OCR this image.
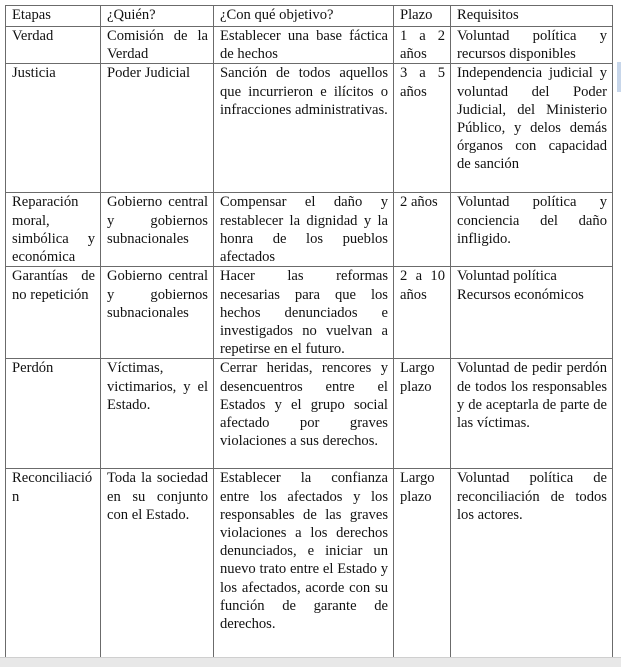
Etapas	¿Quién?	¿Con qué objetivo?	Plazo	Requisitos
Verdad	Comisión de la Verdad	Establecer una base fáctica de hechos	1 a 2 años	Voluntad política y recursos disponibles
Justicia	Poder Judicial	Sanción de todos aquellos que incurrieron e ilícitos o infracciones administrativas.	3 a 5 años	Independencia judicial y voluntad del Poder Judicial, del Ministerio Público, y delos demás órganos con capacidad de sanción
Reparación moral, simbólica y económica	Gobierno central y gobiernos subnacionales	Compensar el daño y restablecer la dignidad y la honra de los pueblos afectados	2 años	Voluntad política y conciencia del daño infligido.
Garantías de no repetición	Gobierno central y gobiernos subnacionales	Hacer las reformas necesarias para que los hechos denunciados e investigados no vuelvan a repetirse en el futuro.	2 a 10 años	Voluntad política Recursos económicos
Perdón	Víctimas, victimarios, y el Estado.	Cerrar heridas, rencores y desencuentros entre el Estados y el grupo social afectado por graves violaciones a sus derechos.	Largo plazo	Voluntad de pedir perdón de todos los responsables y de aceptarla de parte de las víctimas.
Reconciliación	Toda la sociedad en su conjunto con el Estado.	Establecer la confianza entre los afectados y los responsables de las graves violaciones a los derechos denunciados, e iniciar un nuevo trato entre el Estado y los afectados, acorde con su función de garante de derechos.	Largo plazo	Voluntad política de reconciliación de todos los actores.
